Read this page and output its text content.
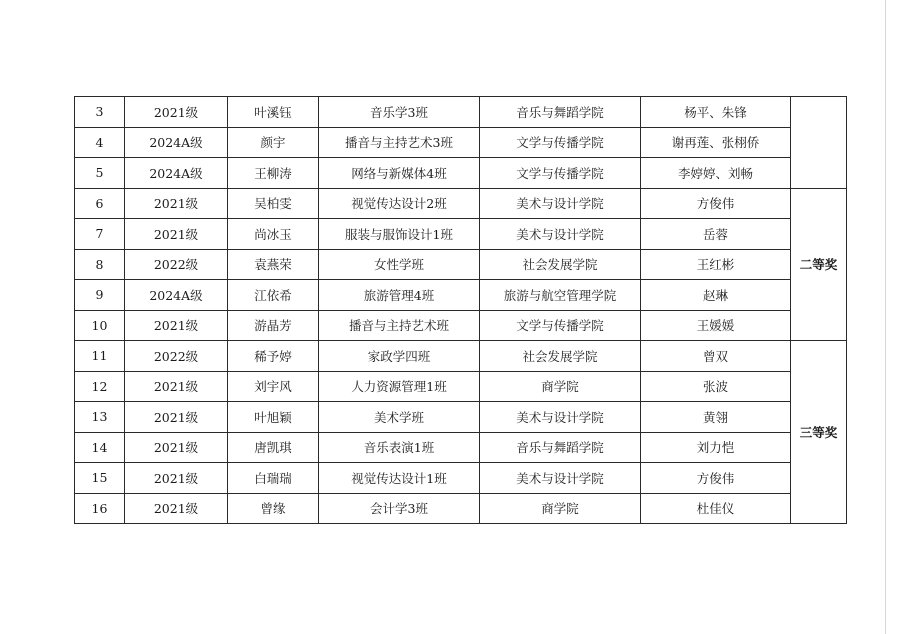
3	2021级	叶溪钰	音乐学3班	音乐与舞蹈学院	杨平、朱锋	
4	2024A级	颜宇	播音与主持艺术3班	文学与传播学院	谢再莲、张栩侨	
5	2024A级	王柳涛	网络与新媒体4班	文学与传播学院	李婷婷、刘畅	
6	2021级	吴柏雯	视觉传达设计2班	美术与设计学院	方俊伟	二等奖
7	2021级	尚冰玉	服装与服饰设计1班	美术与设计学院	岳蓉	
8	2022级	袁燕荣	女性学班	社会发展学院	王红彬	
9	2024A级	江依希	旅游管理4班	旅游与航空管理学院	赵琳	
10	2021级	游晶芳	播音与主持艺术班	文学与传播学院	王媛媛	
11	2022级	稀予婷	家政学四班	社会发展学院	曾双	三等奖
12	2021级	刘宇风	人力资源管理1班	商学院	张波	
13	2021级	叶旭颖	美术学班	美术与设计学院	黄翎	
14	2021级	唐凯琪	音乐表演1班	音乐与舞蹈学院	刘力恺	
15	2021级	白瑞瑞	视觉传达设计1班	美术与设计学院	方俊伟	
16	2021级	曾缘	会计学3班	商学院	杜佳仪	
